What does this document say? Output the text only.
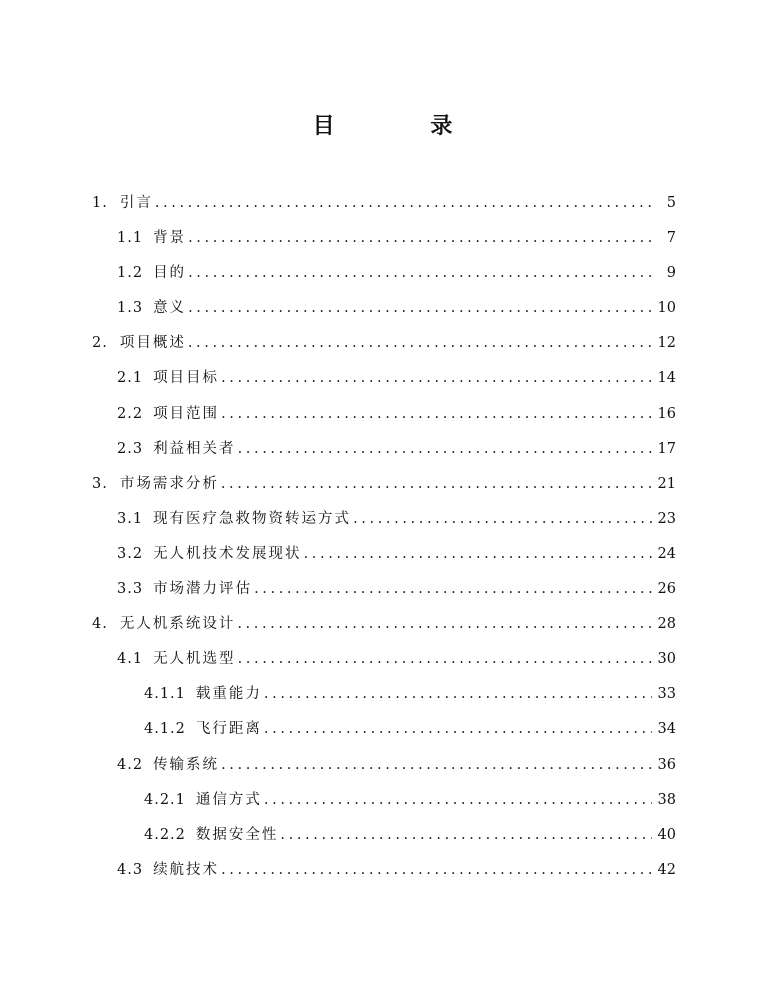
目 录
1. 引言 .....	5
1.1 背景 .....	7
1.2 目的 .....	9
1.3 意义 .....	10
2. 项目概述 .....	12
2.1 项目目标 .....	14
2.2 项目范围 .....	16
2.3 利益相关者 .....	17
3. 市场需求分析 .....	21
3.1 现有医疗急救物资转运方式 .....	23
3.2 无人机技术发展现状 .....	24
3.3 市场潜力评估 .....	26
4. 无人机系统设计 .....	28
4.1 无人机选型 .....	30
4.1.1 载重能力 .....	33
4.1.2 飞行距离 .....	34
4.2 传输系统 .....	36
4.2.1 通信方式 .....	38
4.2.2 数据安全性 .....	40
4.3 续航技术 .....	42
